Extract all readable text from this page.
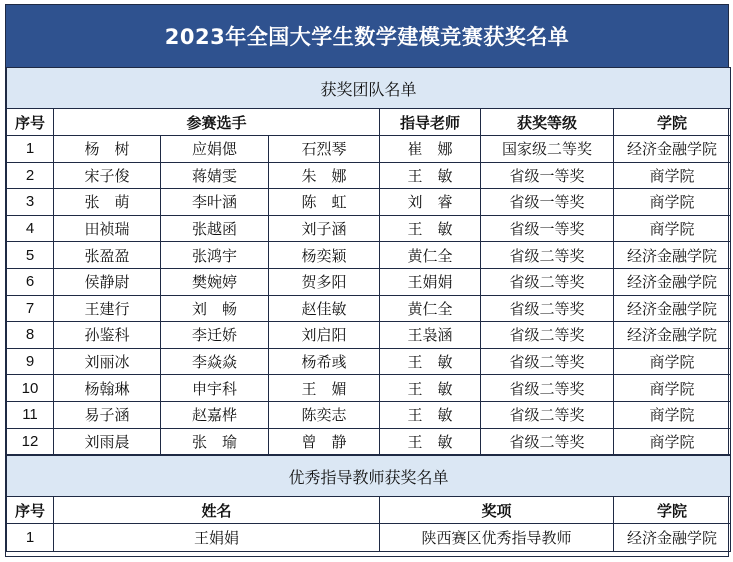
2023年全国大学生数学建模竞赛获奖名单
获奖团队名单						
序号	参赛选手			指导老师	获奖等级	学院
1	杨　树	应娟偲	石烈琴	崔　娜	国家级二等奖	经济金融学院
2	宋子俊	蒋婧雯	朱　娜	王　敏	省级一等奖	商学院
3	张　萌	李叶涵	陈　虹	刘　睿	省级一等奖	商学院
4	田祯瑞	张越函	刘子涵	王　敏	省级一等奖	商学院
5	张盈盈	张鸿宇	杨奕颖	黄仁全	省级二等奖	经济金融学院
6	侯静尉	樊婉婷	贺多阳	王娟娟	省级二等奖	经济金融学院
7	王建行	刘　畅	赵佳敏	黄仁全	省级二等奖	经济金融学院
8	孙鉴科	李迁娇	刘启阳	王袅涵	省级二等奖	经济金融学院
9	刘丽冰	李焱焱	杨希彧	王　敏	省级二等奖	商学院
10	杨翰琳	申宇科	王　媚	王　敏	省级二等奖	商学院
11	易子涵	赵嘉桦	陈奕志	王　敏	省级二等奖	商学院
12	刘雨晨	张　瑜	曾　静	王　敏	省级二等奖	商学院
优秀指导教师获奖名单			
序号	姓名	奖项	学院
1	王娟娟	陕西赛区优秀指导教师	经济金融学院
